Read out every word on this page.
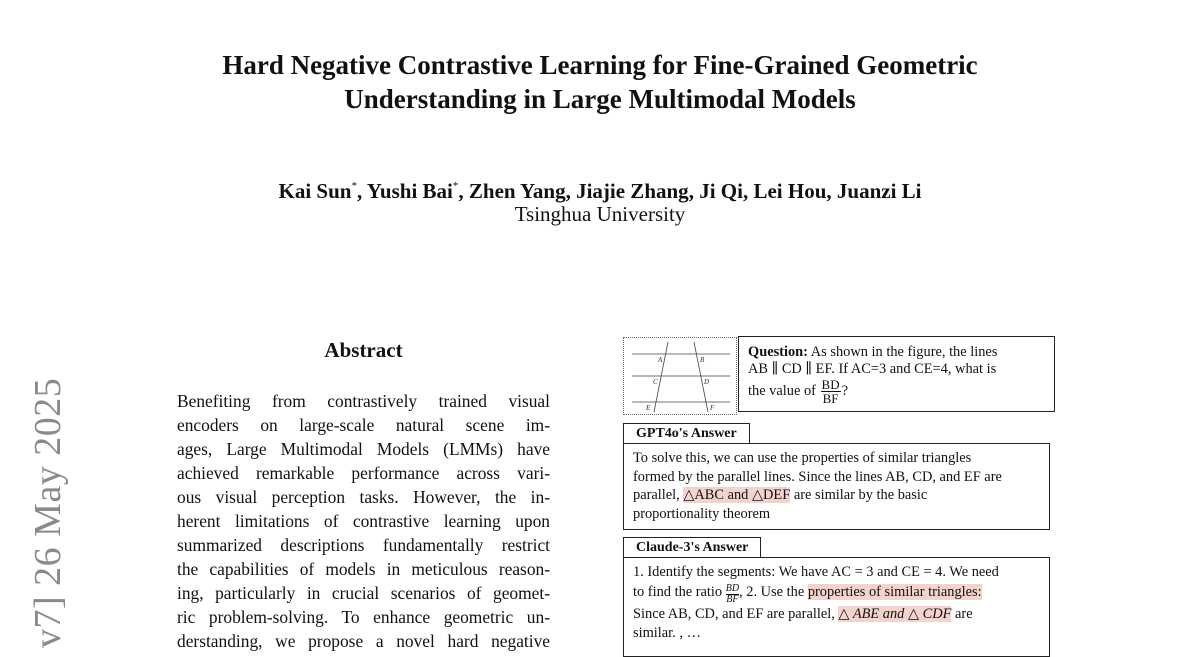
v7] 26 May 2025
Hard Negative Contrastive Learning for Fine-Grained Geometric
Understanding in Large Multimodal Models
Kai Sun*, Yushi Bai*, Zhen Yang, Jiajie Zhang, Ji Qi, Lei Hou, Juanzi Li
Tsinghua University
Abstract
Benefiting from contrastively trained visual
encoders on large-scale natural scene im-
ages, Large Multimodal Models (LMMs) have
achieved remarkable performance across vari-
ous visual perception tasks. However, the in-
herent limitations of contrastive learning upon
summarized descriptions fundamentally restrict
the capabilities of models in meticulous reason-
ing, particularly in crucial scenarios of geomet-
ric problem-solving. To enhance geometric un-
derstanding, we propose a novel hard negative
A	B
C	D
E	F
Question: As shown in the figure, the lines
AB ∥ CD ∥ EF. If AC=3 and CE=4, what is
the value of $\frac{BD}{BF}$ ?
GPT4o's Answer
To solve this, we can use the properties of similar triangles
formed by the parallel lines. Since the lines AB, CD, and EF are
parallel, △ABC and △DEF are similar by the basic
proportionality theorem
Claude-3's Answer
1. Identify the segments: We have AC = 3 and CE = 4. We need
to find the ratio $\frac{BD}{BF}$ , 2. Use the properties of similar triangles:
Since AB, CD, and EF are parallel, △ ABE and △ CDF are
similar. , …
